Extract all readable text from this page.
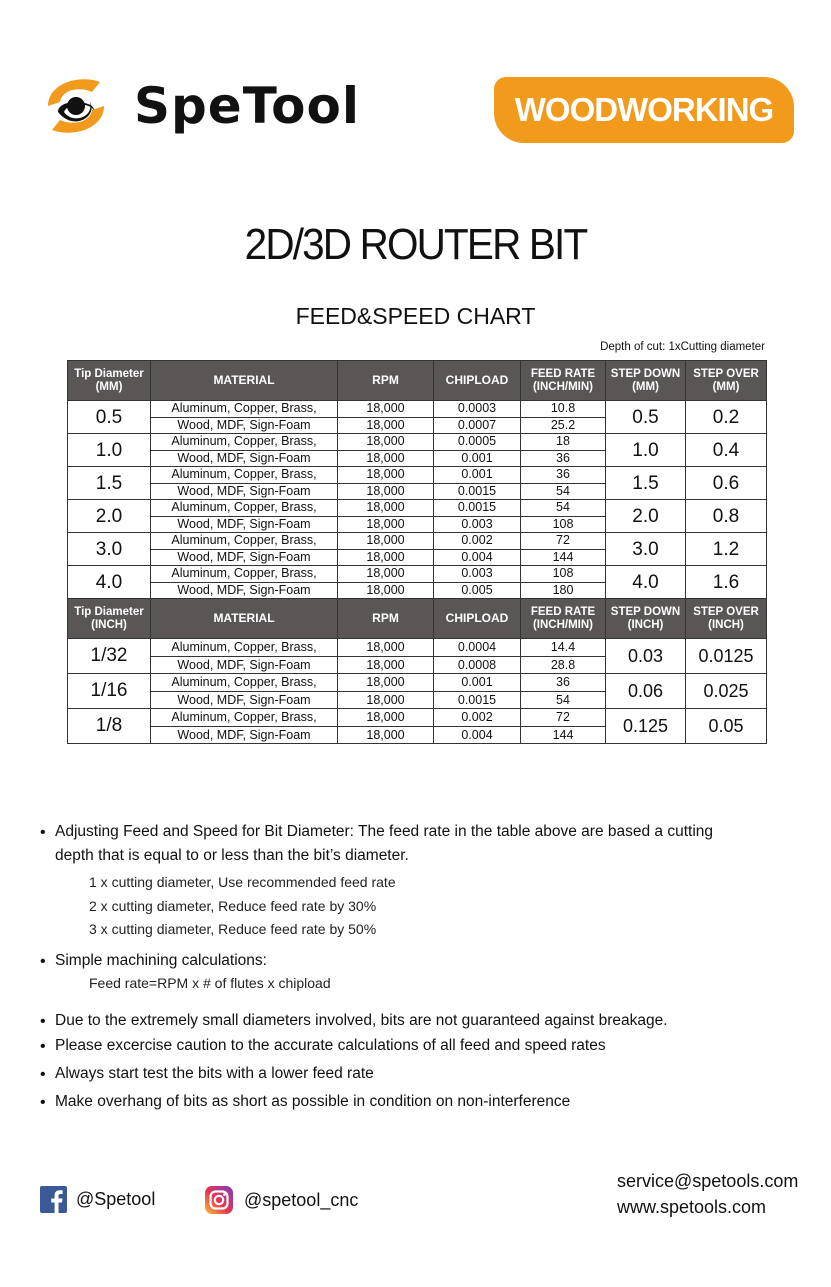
SpeTool	WOODWORKING
2D/3D ROUTER BIT
FEED&SPEED CHART
Depth of cut: 1xCutting diameter
Tip Diameter (MM)	MATERIAL	RPM	CHIPLOAD	FEED RATE (INCH/MIN)	STEP DOWN (MM)	STEP OVER (MM)
0.5	Aluminum, Copper, Brass,	18,000	0.0003	10.8	0.5	0.2
	Wood, MDF, Sign-Foam	18,000	0.0007	25.2		
1.0	Aluminum, Copper, Brass,	18,000	0.0005	18	1.0	0.4
	Wood, MDF, Sign-Foam	18,000	0.001	36		
1.5	Aluminum, Copper, Brass,	18,000	0.001	36	1.5	0.6
	Wood, MDF, Sign-Foam	18,000	0.0015	54		
2.0	Aluminum, Copper, Brass,	18,000	0.0015	54	2.0	0.8
	Wood, MDF, Sign-Foam	18,000	0.003	108		
3.0	Aluminum, Copper, Brass,	18,000	0.002	72	3.0	1.2
	Wood, MDF, Sign-Foam	18,000	0.004	144		
4.0	Aluminum, Copper, Brass,	18,000	0.003	108	4.0	1.6
	Wood, MDF, Sign-Foam	18,000	0.005	180		
Tip Diameter (INCH)	MATERIAL	RPM	CHIPLOAD	FEED RATE (INCH/MIN)	STEP DOWN (INCH)	STEP OVER (INCH)
1/32	Aluminum, Copper, Brass,	18,000	0.0004	14.4	0.03	0.0125
	Wood, MDF, Sign-Foam	18,000	0.0008	28.8		
1/16	Aluminum, Copper, Brass,	18,000	0.001	36	0.06	0.025
	Wood, MDF, Sign-Foam	18,000	0.0015	54		
1/8	Aluminum, Copper, Brass,	18,000	0.002	72	0.125	0.05
	Wood, MDF, Sign-Foam	18,000	0.004	144		
• Adjusting Feed and Speed for Bit Diameter: The feed rate in the table above are based a cutting
depth that is equal to or less than the bit’s diameter.
1 x cutting diameter, Use recommended feed rate
2 x cutting diameter, Reduce feed rate by 30%
3 x cutting diameter, Reduce feed rate by 50%
• Simple machining calculations:
Feed rate=RPM x # of flutes x chipload
• Due to the extremely small diameters involved, bits are not guaranteed against breakage.
• Please excercise caution to the accurate calculations of all feed and speed rates
• Always start test the bits with a lower feed rate
• Make overhang of bits as short as possible in condition on non-interference
@Spetool	@spetool_cnc
service@spetools.com
www.spetools.com
